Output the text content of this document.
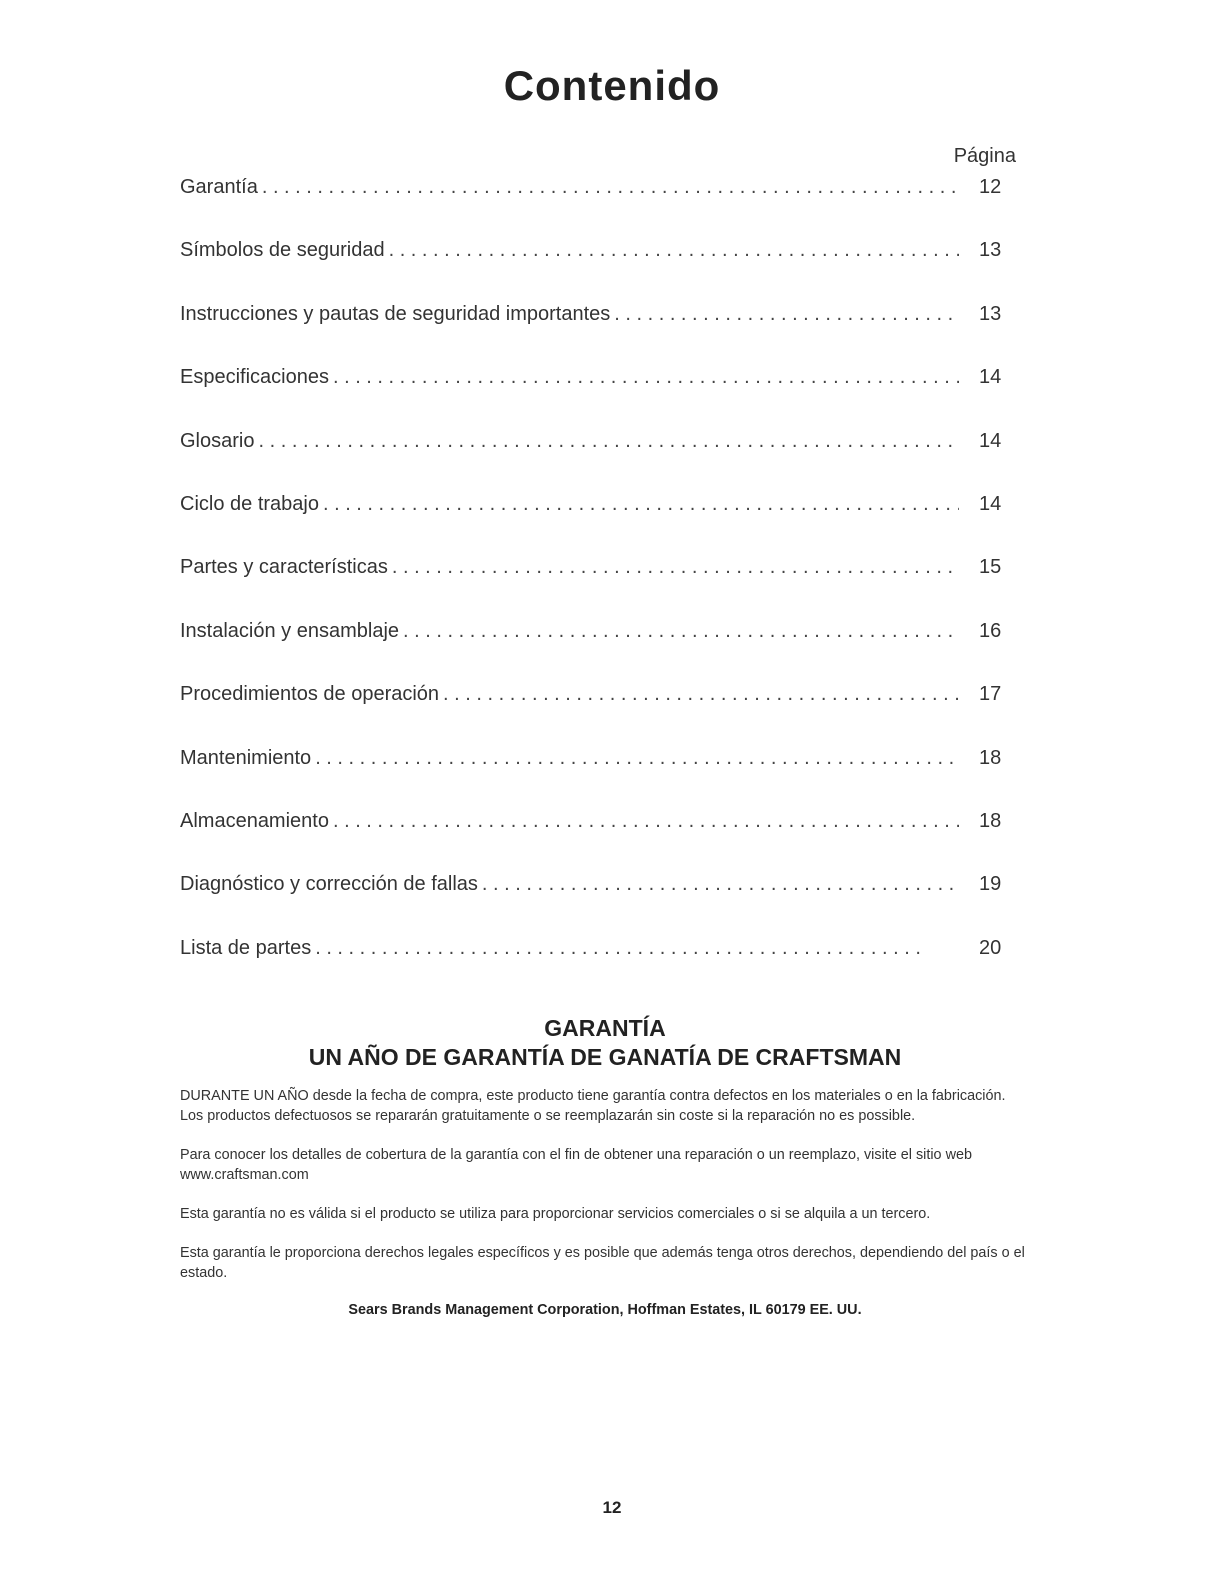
Contenido
Página
Garantía . . .	12
Símbolos de seguridad . . .	13
Instrucciones y pautas de seguridad importantes . . .	13
Especificaciones . . .	14
Glosario . . .	14
Ciclo de trabajo . . .	14
Partes y características . . .	15
Instalación y ensamblaje . . .	16
Procedimientos de operación . . .	17
Mantenimiento . . .	18
Almacenamiento . . .	18
Diagnóstico y corrección de fallas . . .	19
Lista de partes . . .	20
GARANTÍA
UN AÑO DE GARANTÍA DE GANATÍA DE CRAFTSMAN

DURANTE UN AÑO desde la fecha de compra, este producto tiene garantía contra defectos en los materiales o en la fabricación. Los productos defectuosos se repararán gratuitamente o se reemplazarán sin coste si la reparación no es possible.

Para conocer los detalles de cobertura de la garantía con el fin de obtener una reparación o un reemplazo, visite el sitio web www.craftsman.com

Esta garantía no es válida si el producto se utiliza para proporcionar servicios comerciales o si se alquila a un tercero.

Esta garantía le proporciona derechos legales específicos y es posible que además tenga otros derechos, dependiendo del país o el estado.

Sears Brands Management Corporation, Hoffman Estates, IL 60179 EE. UU.
12
